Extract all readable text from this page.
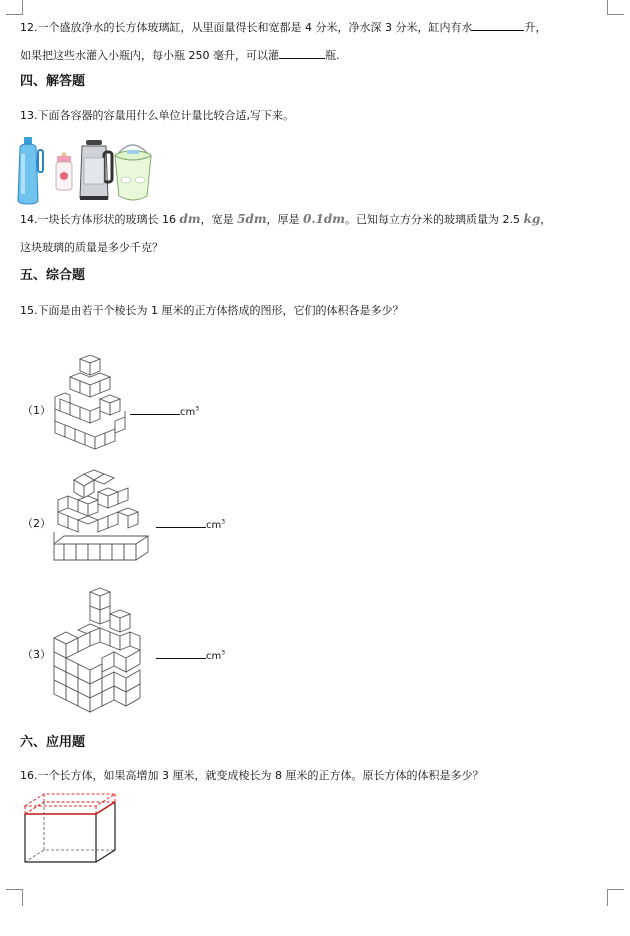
12.一个盛放净水的长方体玻璃缸，从里面量得长和宽都是 4 分米，净水深 3 分米，缸内有水	升，
如果把这些水灌入小瓶内，每小瓶 250 毫升，可以灌	瓶.
四、解答题
13.下面各容器的容量用什么单位计量比较合适,写下来。
14.一块长方体形状的玻璃长 16 dm，宽是 5dm，厚是 0.1dm。已知每立方分米的玻璃质量为 2.5 kg，
这块玻璃的质量是多少千克？
五、综合题
15.下面是由若干个棱长为 1 厘米的正方体搭成的图形，它们的体积各是多少？
（1）	$cm^3$
（2）	$cm^3$
（3）	$cm^3$
六、应用题
16.一个长方体，如果高增加 3 厘米，就变成棱长为 8 厘米的正方体。原长方体的体积是多少？
